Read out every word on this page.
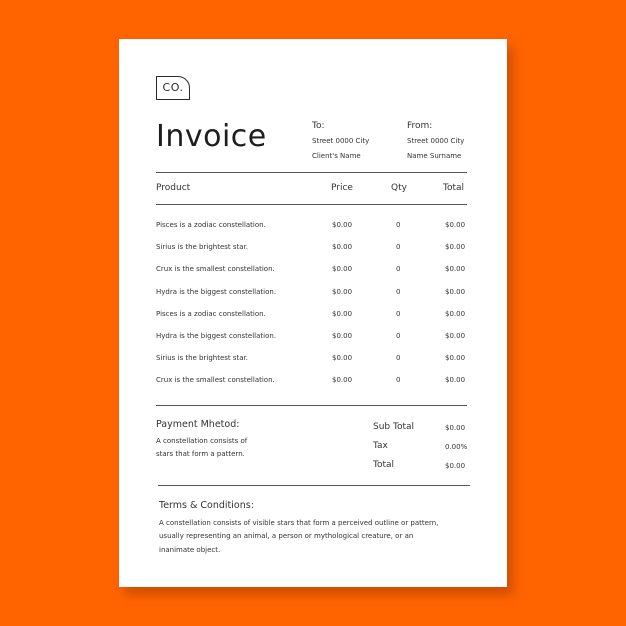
CO.
Invoice	To:
Street 0000 City
Client's Name
From:
Street 0000 City
Name Surname
Product	Price	Qty	Total
Pisces is a zodiac constellation.	$0.00	0	$0.00
Sirius is the brightest star.	$0.00	0	$0.00
Crux is the smallest constellation.	$0.00	0	$0.00
Hydra is the biggest constellation.	$0.00	0	$0.00
Pisces is a zodiac constellation.	$0.00	0	$0.00
Hydra is the biggest constellation.	$0.00	0	$0.00
Sirius is the brightest star.	$0.00	0	$0.00
Crux is the smallest constellation.	$0.00	0	$0.00
Payment Mhetod:
A constellation consists of
stars that form a pattern.
Sub Total	$0.00
Tax	0.00%
Total	$0.00
Terms & Conditions:
A constellation consists of visible stars that form a perceived outline or pattern,
usually representing an animal, a person or mythological creature, or an
inanimate object.
